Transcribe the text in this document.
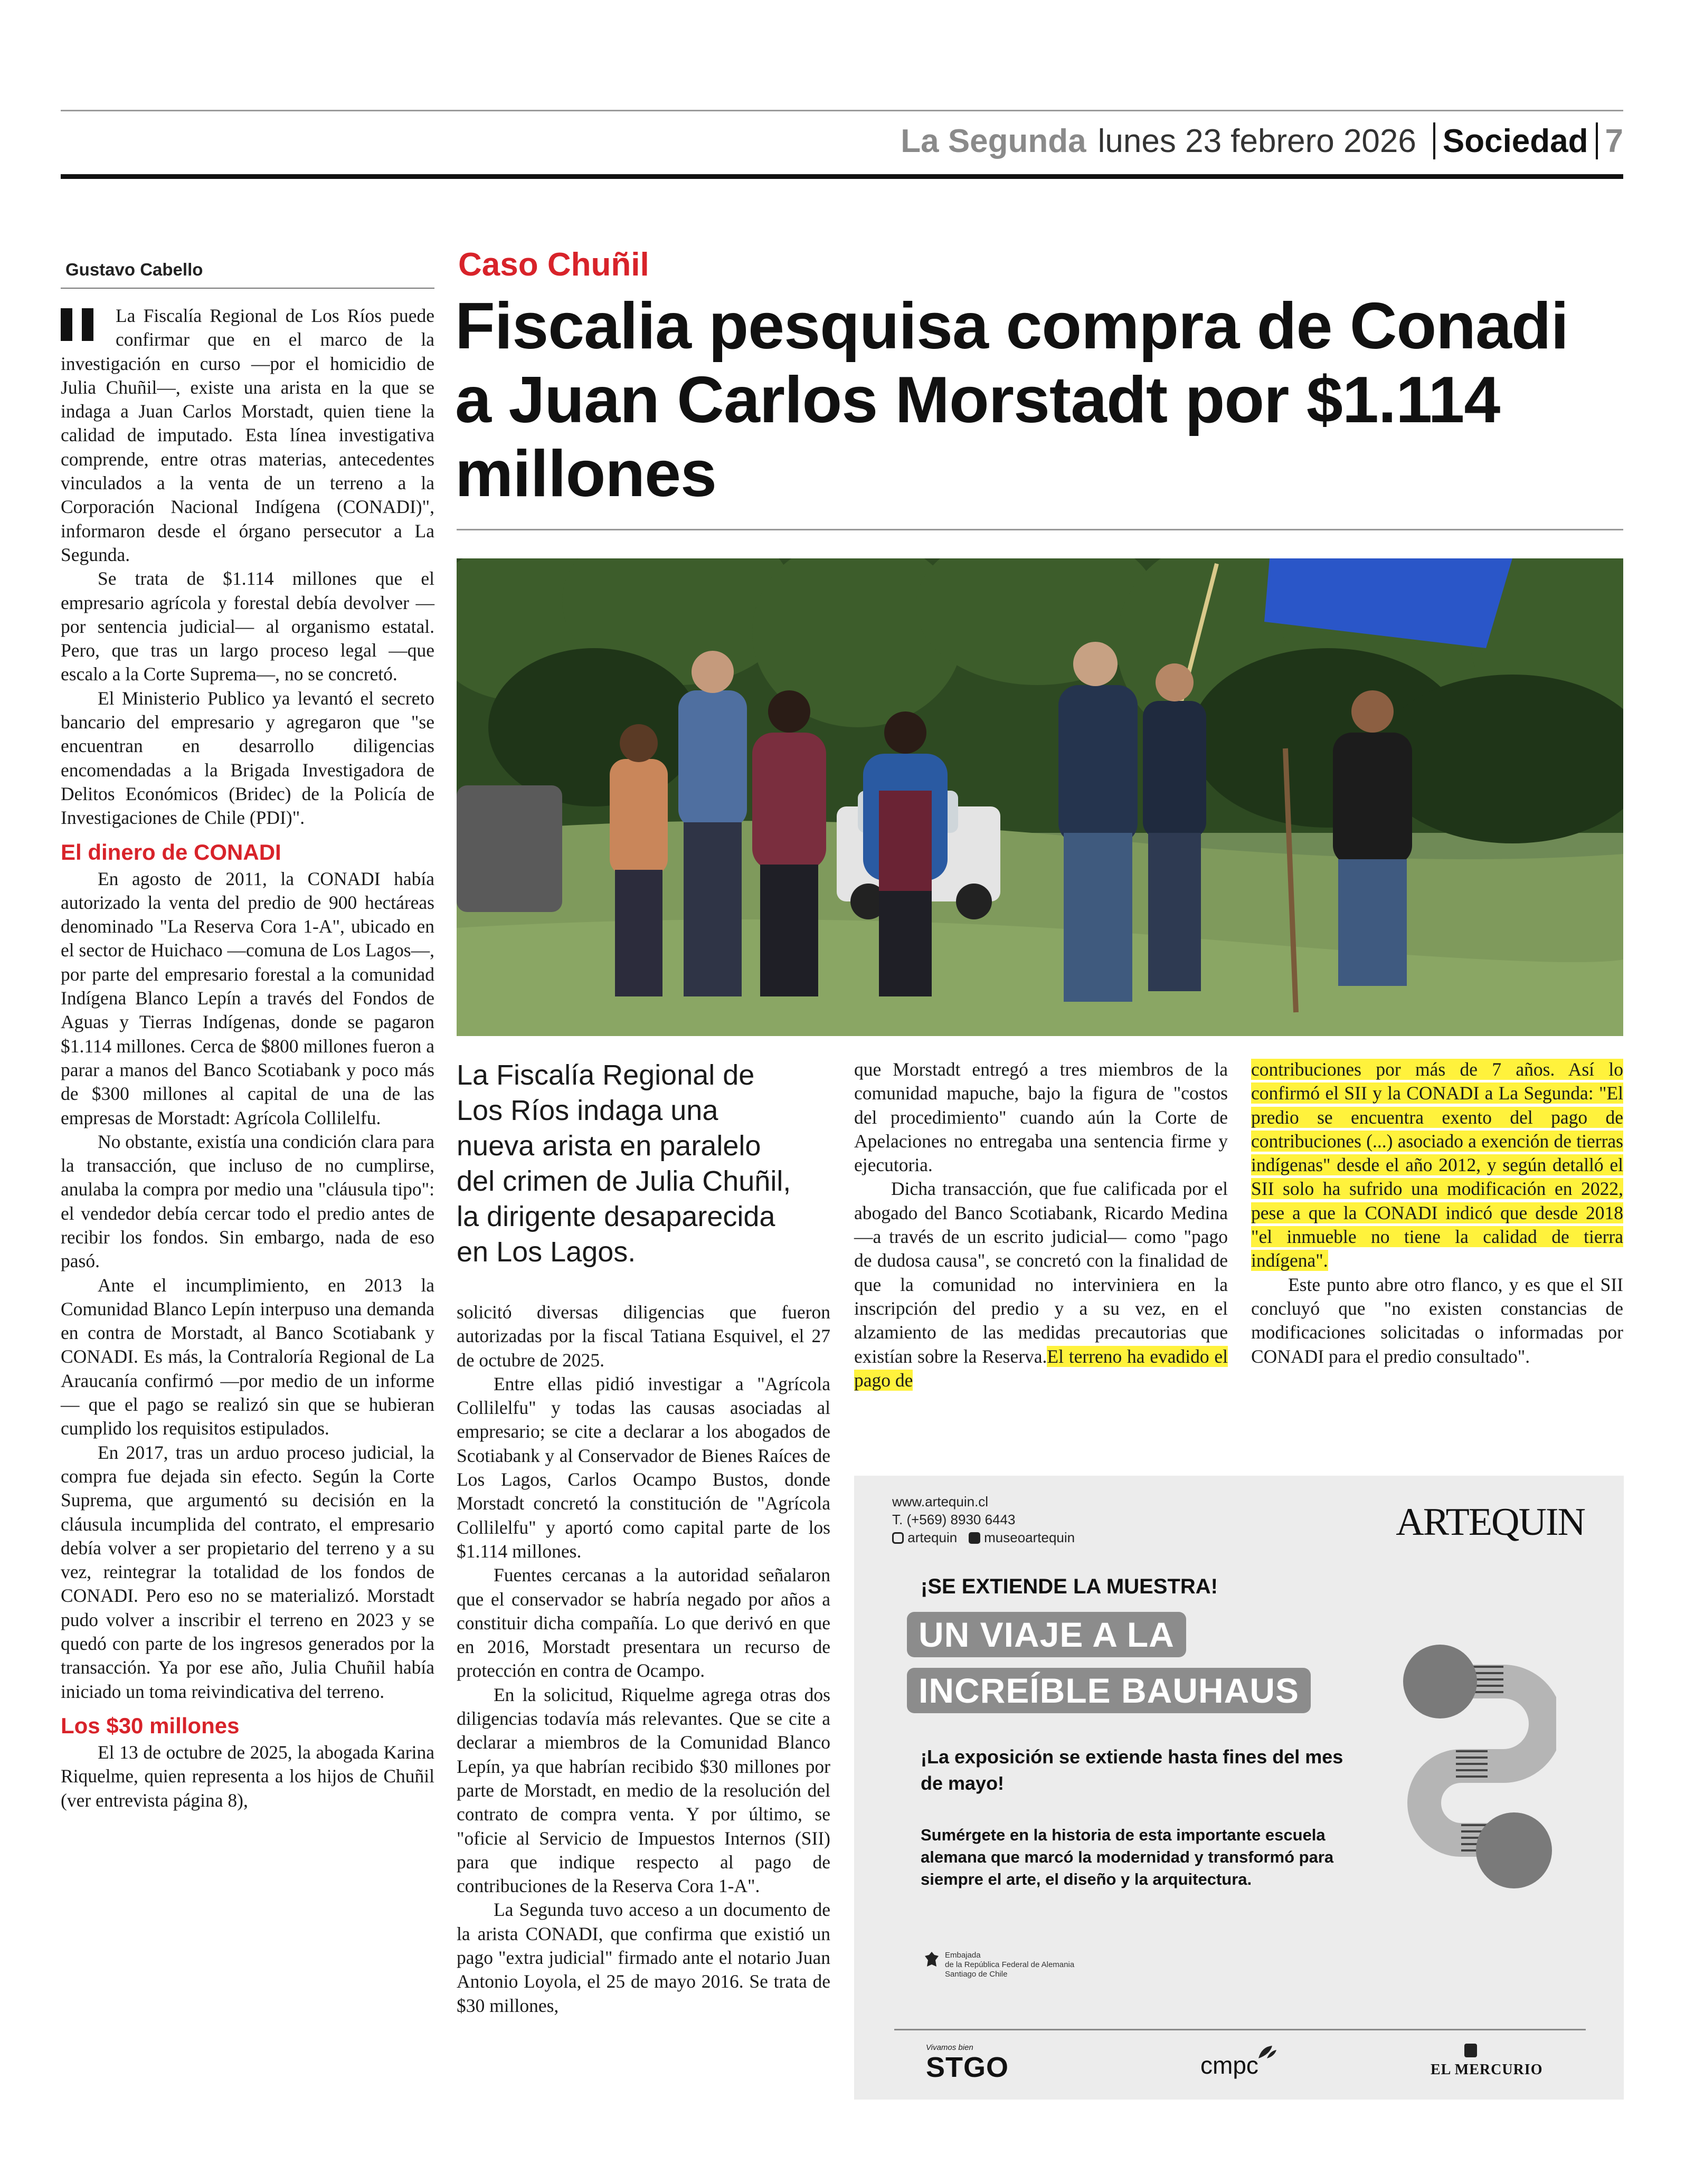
La Segunda lunes 23 febrero 2026 Sociedad 7
Gustavo Cabello	Caso Chuñil
Fiscalia pesquisa compra de Conadi a Juan Carlos Morstadt por $1.114 millones
La Fiscalía Regional de Los Ríos indaga una nueva arista en paralelo del crimen de Julia Chuñil, la dirigente desaparecida en Los Lagos.

La Fiscalía Regional de Los Ríos puede confirmar que en el marco de la investigación en curso —por el homicidio de Julia Chuñil—, existe una arista en la que se indaga a Juan Carlos Morstadt, quien tiene la calidad de imputado. Esta línea investigativa comprende, entre otras materias, antecedentes vinculados a la venta de un terreno a la Corporación Nacional Indígena (CONADI)", informaron desde el órgano persecutor a La Segunda.

Se trata de $1.114 millones que el empresario agrícola y forestal debía devolver —por sentencia judicial— al organismo estatal. Pero, que tras un largo proceso legal —que escalo a la Corte Suprema—, no se concretó.

El Ministerio Publico ya levantó el secreto bancario del empresario y agregaron que "se encuentran en desarrollo diligencias encomendadas a la Brigada Investigadora de Delitos Económicos (Bridec) de la Policía de Investigaciones de Chile (PDI)".

El dinero de CONADI

En agosto de 2011, la CONADI había autorizado la venta del predio de 900 hectáreas denominado "La Reserva Cora 1-A", ubicado en el sector de Huichaco —comuna de Los Lagos—, por parte del empresario forestal a la comunidad Indígena Blanco Lepín a través del Fondos de Aguas y Tierras Indígenas, donde se pagaron $1.114 millones. Cerca de $800 millones fueron a parar a manos del Banco Scotiabank y poco más de $300 millones al capital de una de las empresas de Morstadt: Agrícola Collilelfu.

No obstante, existía una condición clara para la transacción, que incluso de no cumplirse, anulaba la compra por medio una "cláusula tipo": el vendedor debía cercar todo el predio antes de recibir los fondos. Sin embargo, nada de eso pasó.

Ante el incumplimiento, en 2013 la Comunidad Blanco Lepín interpuso una demanda en contra de Morstadt, al Banco Scotiabank y CONADI. Es más, la Contraloría Regional de La Araucanía confirmó —por medio de un informe— que el pago se realizó sin que se hubieran cumplido los requisitos estipulados.

En 2017, tras un arduo proceso judicial, la compra fue dejada sin efecto. Según la Corte Suprema, que argumentó su decisión en la cláusula incumplida del contrato, el empresario debía volver a ser propietario del terreno y a su vez, reintegrar la totalidad de los fondos de CONADI. Pero eso no se materializó. Morstadt pudo volver a inscribir el terreno en 2023 y se quedó con parte de los ingresos generados por la transacción. Ya por ese año, Julia Chuñil había iniciado un toma reivindicativa del terreno.

Los $30 millones

El 13 de octubre de 2025, la abogada Karina Riquelme, quien representa a los hijos de Chuñil (ver entrevista página 8),

solicitó diversas diligencias que fueron autorizadas por la fiscal Tatiana Esquivel, el 27 de octubre de 2025.

Entre ellas pidió investigar a "Agrícola Collilelfu" y todas las causas asociadas al empresario; se cite a declarar a los abogados de Scotiabank y al Conservador de Bienes Raíces de Los Lagos, Carlos Ocampo Bustos, donde Morstadt concretó la constitución de "Agrícola Collilelfu" y aportó como capital parte de los $1.114 millones.

Fuentes cercanas a la autoridad señalaron que el conservador se habría negado por años a constituir dicha compañía. Lo que derivó en que en 2016, Morstadt presentara un recurso de protección en contra de Ocampo.

En la solicitud, Riquelme agrega otras dos diligencias todavía más relevantes. Que se cite a declarar a miembros de la Comunidad Blanco Lepín, ya que habrían recibido $30 millones por parte de Morstadt, en medio de la resolución del contrato de compra venta. Y por último, se "oficie al Servicio de Impuestos Internos (SII) para que indique respecto al pago de contribuciones de la Reserva Cora 1-A".

La Segunda tuvo acceso a un documento de la arista CONADI, que confirma que existió un pago "extra judicial" firmado ante el notario Juan Antonio Loyola, el 25 de mayo 2016. Se trata de $30 millones,

que Morstadt entregó a tres miembros de la comunidad mapuche, bajo la figura de "costos del procedimiento" cuando aún la Corte de Apelaciones no entregaba una sentencia firme y ejecutoria.

Dicha transacción, que fue calificada por el abogado del Banco Scotiabank, Ricardo Medina —a través de un escrito judicial— como "pago de dudosa causa", se concretó con la finalidad de que la comunidad no interviniera en la inscripción del predio y a su vez, en el alzamiento de las medidas precautorias que existían sobre la Reserva.El terreno ha evadido el pago de

contribuciones por más de 7 años. Así lo confirmó el SII y la CONADI a La Segunda: "El predio se encuentra exento del pago de contribuciones (...) asociado a exención de tierras indígenas" desde el año 2012, y según detalló el SII solo ha sufrido una modificación en 2022, pese a que la CONADI indicó que desde 2018 "el inmueble no tiene la calidad de tierra indígena".

Este punto abre otro flanco, y es que el SII concluyó que "no existen constancias de modificaciones solicitadas o informadas por CONADI para el predio consultado".

www.artequin.cl
T. (+569) 8930 6443
artequin museoartequin	ARTEQUIN
¡SE EXTIENDE LA MUESTRA!
UN VIAJE A LA
INCREÍBLE BAUHAUS
¡La exposición se extiende hasta fines del mes de mayo!
Sumérgete en la historia de esta importante escuela alemana que marcó la modernidad y transformó para siempre el arte, el diseño y la arquitectura.
Embajada
de la República Federal de Alemania
Santiago de Chile
Vivamos bien
STGO	cmpc	EL MERCURIO
